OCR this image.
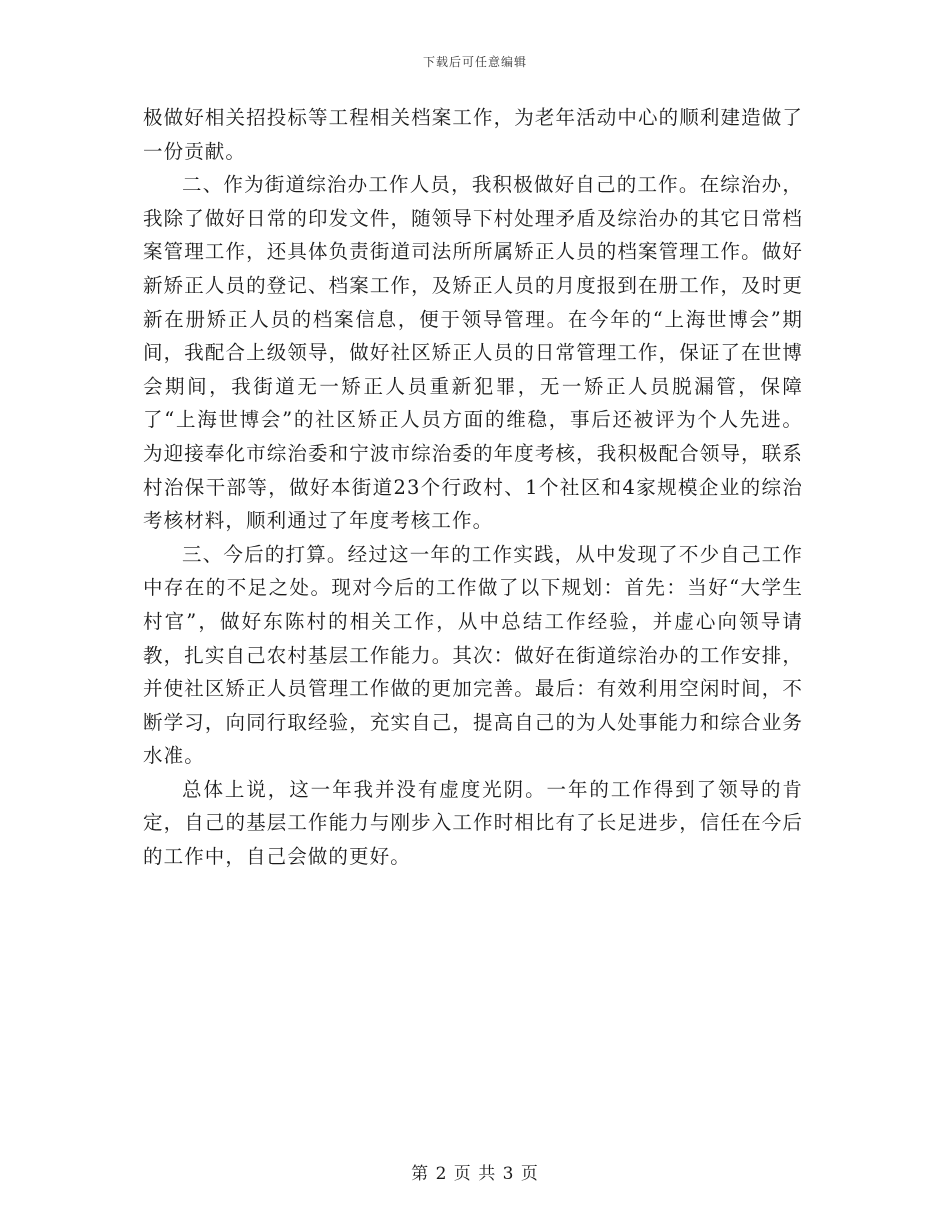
下载后可任意编辑

极做好相关招投标等工程相关档案工作，为老年活动中心的顺利建造做了一份贡献。

二、作为街道综治办工作人员，我积极做好自己的工作。在综治办，我除了做好日常的印发文件，随领导下村处理矛盾及综治办的其它日常档案管理工作，还具体负责街道司法所所属矫正人员的档案管理工作。做好新矫正人员的登记、档案工作，及矫正人员的月度报到在册工作，及时更新在册矫正人员的档案信息，便于领导管理。在今年的“上海世博会”期间，我配合上级领导，做好社区矫正人员的日常管理工作，保证了在世博会期间，我街道无一矫正人员重新犯罪，无一矫正人员脱漏管，保障了“上海世博会”的社区矫正人员方面的维稳，事后还被评为个人先进。为迎接奉化市综治委和宁波市综治委的年度考核，我积极配合领导，联系村治保干部等，做好本街道23个行政村、1个社区和4家规模企业的综治考核材料，顺利通过了年度考核工作。

三、今后的打算。经过这一年的工作实践，从中发现了不少自己工作中存在的不足之处。现对今后的工作做了以下规划：首先：当好“大学生村官”，做好东陈村的相关工作，从中总结工作经验，并虚心向领导请教，扎实自己农村基层工作能力。其次：做好在街道综治办的工作安排，并使社区矫正人员管理工作做的更加完善。最后：有效利用空闲时间，不断学习，向同行取经验，充实自己，提高自己的为人处事能力和综合业务水准。

总体上说，这一年我并没有虚度光阴。一年的工作得到了领导的肯定，自己的基层工作能力与刚步入工作时相比有了长足进步，信任在今后的工作中，自己会做的更好。

第 2 页 共 3 页
